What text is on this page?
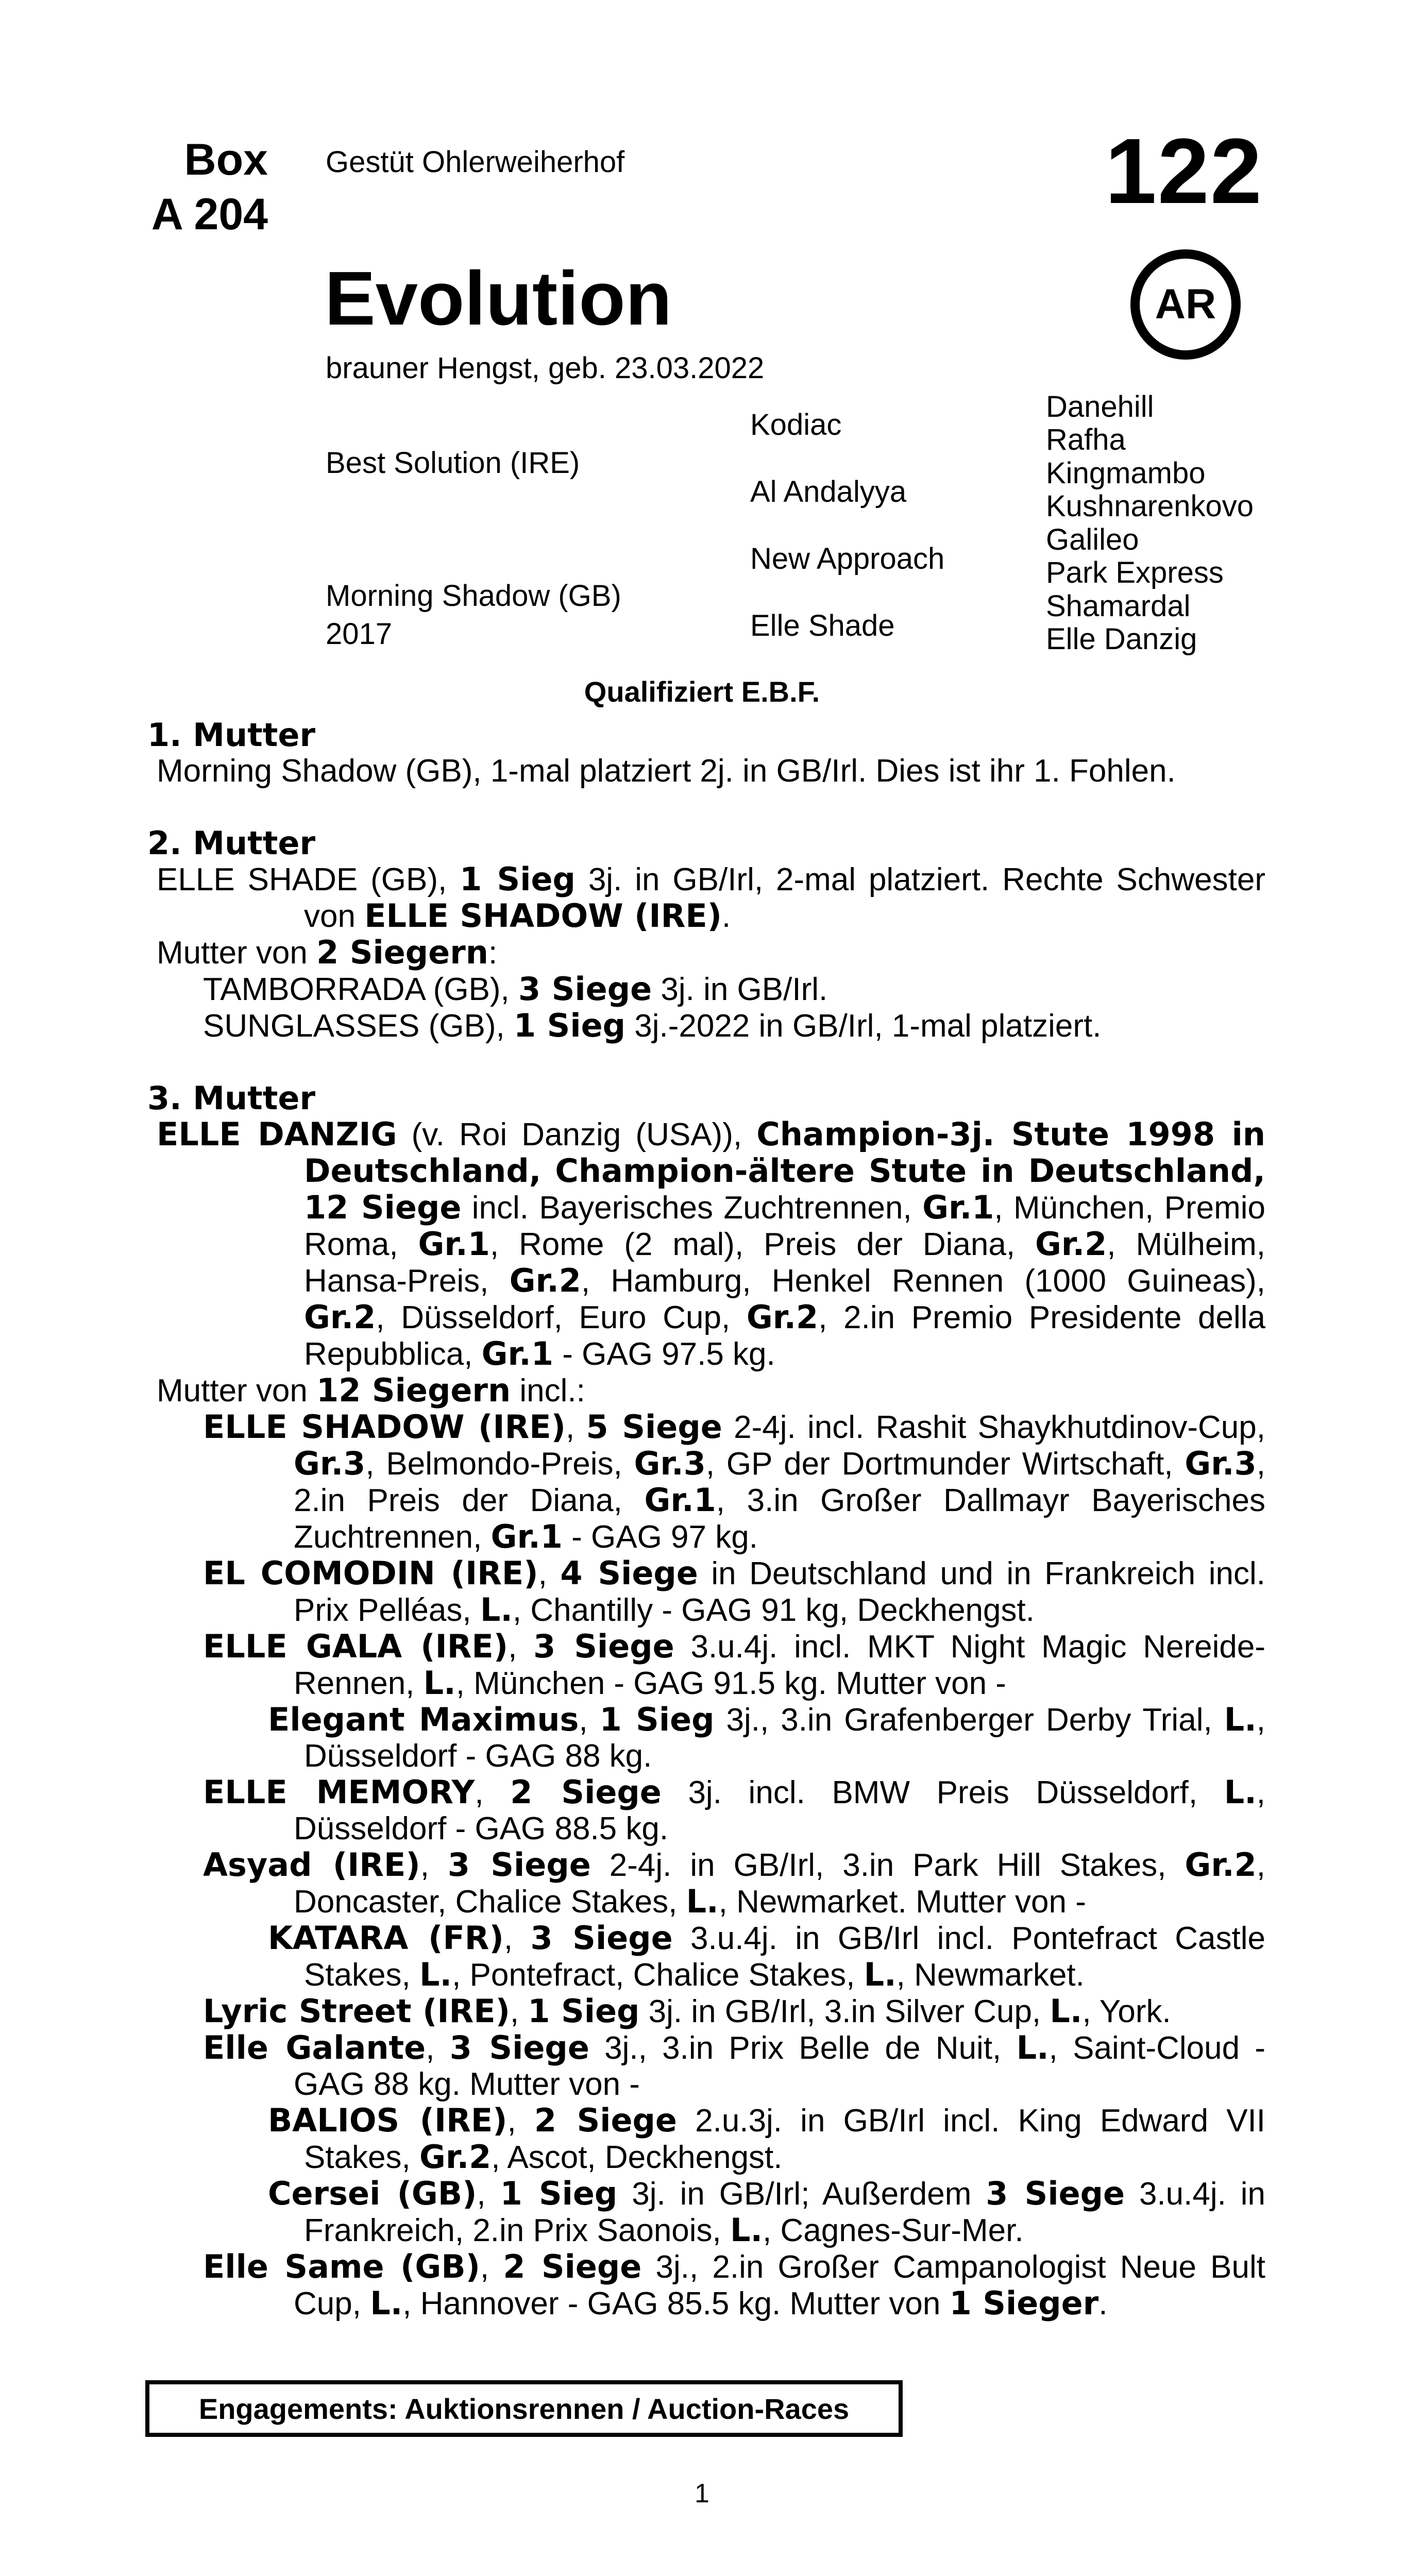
Box
A 204
Gestüt Ohlerweiherhof	122
Evolution	AR
brauner Hengst, geb. 23.03.2022
Best Solution (IRE)
Morning Shadow (GB)
2017
Kodiac
Al Andalyya
New Approach
Elle Shade
Danehill
Rafha
Kingmambo
Kushnarenkovo
Galileo
Park Express
Shamardal
Elle Danzig
Qualifiziert E.B.F.
1. Mutter

Morning Shadow (GB), 1-mal platziert 2j. in GB/Irl. Dies ist ihr 1. Fohlen.

2. Mutter

ELLE SHADE (GB), 1 Sieg 3j. in GB/Irl, 2-mal platziert. Rechte Schwester von ELLE SHADOW (IRE).

Mutter von 2 Siegern:

TAMBORRADA (GB), 3 Siege 3j. in GB/Irl.

SUNGLASSES (GB), 1 Sieg 3j.-2022 in GB/Irl, 1-mal platziert.

3. Mutter

ELLE DANZIG (v. Roi Danzig (USA)), Champion-3j. Stute 1998 in Deutschland, Champion-ältere Stute in Deutschland, 12 Siege incl. Bayerisches Zuchtrennen, Gr.1, München, Premio Roma, Gr.1, Rome (2 mal), Preis der Diana, Gr.2, Mülheim, Hansa-Preis, Gr.2, Hamburg, Henkel Rennen (1000 Guineas), Gr.2, Düsseldorf, Euro Cup, Gr.2, 2.in Premio Presidente della Repubblica, Gr.1 - GAG 97.5 kg.

Mutter von 12 Siegern incl.:

ELLE SHADOW (IRE), 5 Siege 2-4j. incl. Rashit Shaykhutdinov-Cup, Gr.3, Belmondo-Preis, Gr.3, GP der Dortmunder Wirtschaft, Gr.3, 2.in Preis der Diana, Gr.1, 3.in Großer Dallmayr Bayerisches Zuchtrennen, Gr.1 - GAG 97 kg.

EL COMODIN (IRE), 4 Siege in Deutschland und in Frankreich incl. Prix Pelléas, L., Chantilly - GAG 91 kg, Deckhengst.

ELLE GALA (IRE), 3 Siege 3.u.4j. incl. MKT Night Magic Nereide-Rennen, L., München - GAG 91.5 kg. Mutter von -

Elegant Maximus, 1 Sieg 3j., 3.in Grafenberger Derby Trial, L., Düsseldorf - GAG 88 kg.

ELLE MEMORY, 2 Siege 3j. incl. BMW Preis Düsseldorf, L., Düsseldorf - GAG 88.5 kg.

Asyad (IRE), 3 Siege 2-4j. in GB/Irl, 3.in Park Hill Stakes, Gr.2, Doncaster, Chalice Stakes, L., Newmarket. Mutter von -

KATARA (FR), 3 Siege 3.u.4j. in GB/Irl incl. Pontefract Castle Stakes, L., Pontefract, Chalice Stakes, L., Newmarket.

Lyric Street (IRE), 1 Sieg 3j. in GB/Irl, 3.in Silver Cup, L., York.

Elle Galante, 3 Siege 3j., 3.in Prix Belle de Nuit, L., Saint-Cloud - GAG 88 kg. Mutter von -

BALIOS (IRE), 2 Siege 2.u.3j. in GB/Irl incl. King Edward VII Stakes, Gr.2, Ascot, Deckhengst.

Cersei (GB), 1 Sieg 3j. in GB/Irl; Außerdem 3 Siege 3.u.4j. in Frankreich, 2.in Prix Saonois, L., Cagnes-Sur-Mer.

Elle Same (GB), 2 Siege 3j., 2.in Großer Campanologist Neue Bult Cup, L., Hannover - GAG 85.5 kg. Mutter von 1 Sieger.

Engagements: Auktionsrennen / Auction-Races
1
